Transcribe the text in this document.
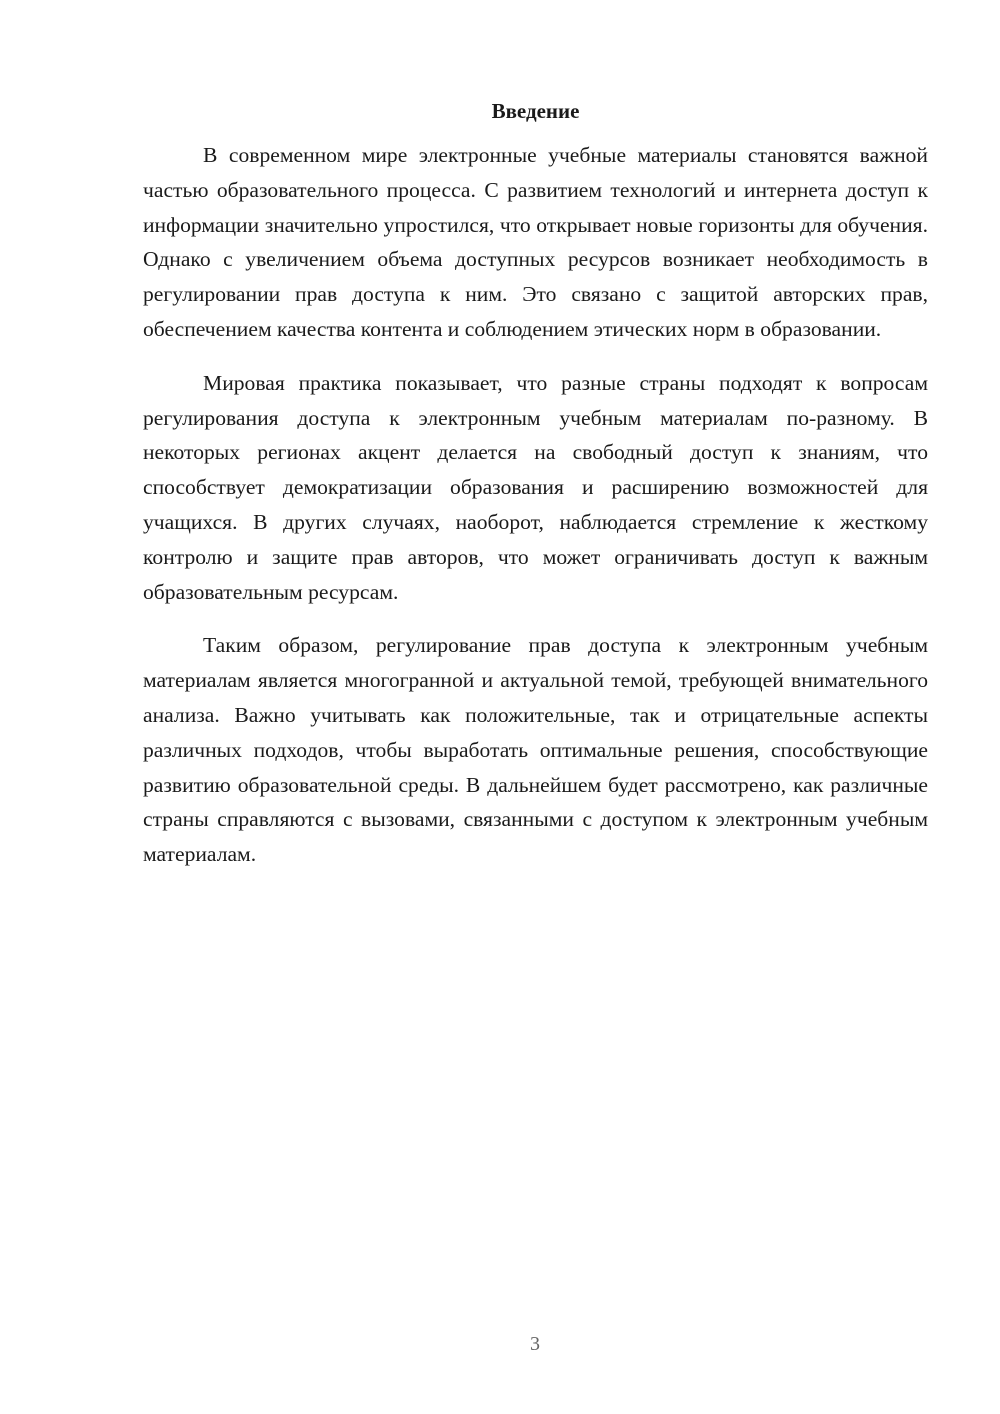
Введение

В современном мире электронные учебные материалы становятся важной частью образовательного процесса. С развитием технологий и интернета доступ к информации значительно упростился, что открывает новые горизонты для обучения. Однако с увеличением объема доступных ресурсов возникает необходимость в регулировании прав доступа к ним. Это связано с защитой авторских прав, обеспечением качества контента и соблюдением этических норм в образовании.

Мировая практика показывает, что разные страны подходят к вопросам регулирования доступа к электронным учебным материалам по-разному. В некоторых регионах акцент делается на свободный доступ к знаниям, что способствует демократизации образования и расширению возможностей для учащихся. В других случаях, наоборот, наблюдается стремление к жесткому контролю и защите прав авторов, что может ограничивать доступ к важным образовательным ресурсам.

Таким образом, регулирование прав доступа к электронным учебным материалам является многогранной и актуальной темой, требующей внимательного анализа. Важно учитывать как положительные, так и отрицательные аспекты различных подходов, чтобы выработать оптимальные решения, способствующие развитию образовательной среды. В дальнейшем будет рассмотрено, как различные страны справляются с вызовами, связанными с доступом к электронным учебным материалам.

3
